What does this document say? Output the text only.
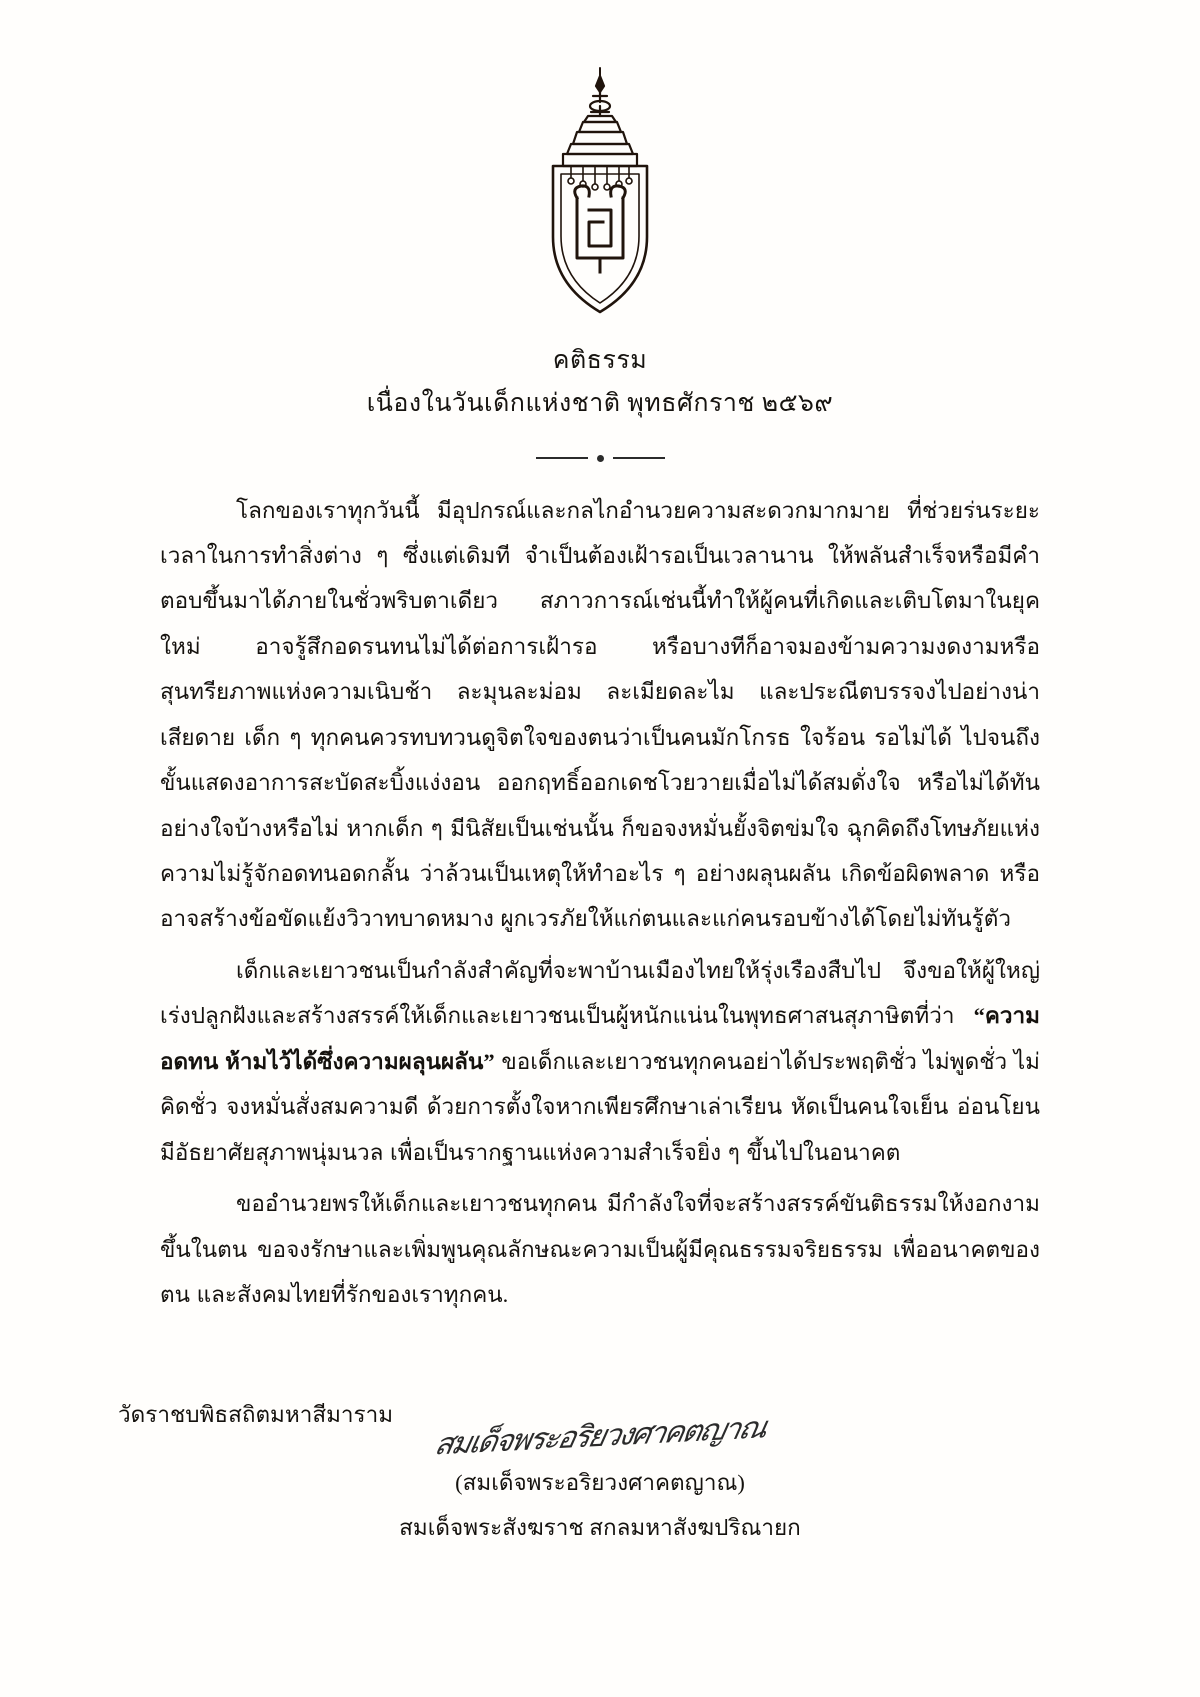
คติธรรม
เนื่องในวันเด็กแห่งชาติ พุทธศักราช ๒๕๖๙

โลกของเราทุกวันนี้ มีอุปกรณ์และกลไกอำนวยความสะดวกมากมาย ที่ช่วยร่นระยะเวลาในการทำสิ่งต่าง ๆ ซึ่งแต่เดิมที จำเป็นต้องเฝ้ารอเป็นเวลานาน ให้พลันสำเร็จหรือมีคำตอบขึ้นมาได้ภายในชั่วพริบตาเดียว สภาวการณ์เช่นนี้ทำให้ผู้คนที่เกิดและเติบโตมาในยุคใหม่ อาจรู้สึกอดรนทนไม่ได้ต่อการเฝ้ารอ หรือบางทีก็อาจมองข้ามความงดงามหรือสุนทรียภาพแห่งความเนิบช้า ละมุนละม่อม ละเมียดละไม และประณีตบรรจงไปอย่างน่าเสียดาย เด็ก ๆ ทุกคนควรทบทวนดูจิตใจของตนว่าเป็นคนมักโกรธ ใจร้อน รอไม่ได้ ไปจนถึงขั้นแสดงอาการสะบัดสะบิ้งแง่งอน ออกฤทธิ์ออกเดชโวยวายเมื่อไม่ได้สมดั่งใจ หรือไม่ได้ทันอย่างใจบ้างหรือไม่ หากเด็ก ๆ มีนิสัยเป็นเช่นนั้น ก็ขอจงหมั่นยั้งจิตข่มใจ ฉุกคิดถึงโทษภัยแห่งความไม่รู้จักอดทนอดกลั้น ว่าล้วนเป็นเหตุให้ทำอะไร ๆ อย่างผลุนผลัน เกิดข้อผิดพลาด หรืออาจสร้างข้อขัดแย้งวิวาทบาดหมาง ผูกเวรภัยให้แก่ตนและแก่คนรอบข้างได้โดยไม่ทันรู้ตัว

เด็กและเยาวชนเป็นกำลังสำคัญที่จะพาบ้านเมืองไทยให้รุ่งเรืองสืบไป จึงขอให้ผู้ใหญ่เร่งปลูกฝังและสร้างสรรค์ให้เด็กและเยาวชนเป็นผู้หนักแน่นในพุทธศาสนสุภาษิตที่ว่า “ความอดทน ห้ามไว้ได้ซึ่งความผลุนผลัน” ขอเด็กและเยาวชนทุกคนอย่าได้ประพฤติชั่ว ไม่พูดชั่ว ไม่คิดชั่ว จงหมั่นสั่งสมความดี ด้วยการตั้งใจหากเพียรศึกษาเล่าเรียน หัดเป็นคนใจเย็น อ่อนโยน มีอัธยาศัยสุภาพนุ่มนวล เพื่อเป็นรากฐานแห่งความสำเร็จยิ่ง ๆ ขึ้นไปในอนาคต

ขออำนวยพรให้เด็กและเยาวชนทุกคน มีกำลังใจที่จะสร้างสรรค์ขันติธรรมให้งอกงามขึ้นในตน ขอจงรักษาและเพิ่มพูนคุณลักษณะความเป็นผู้มีคุณธรรมจริยธรรม เพื่ออนาคตของตน และสังคมไทยที่รักของเราทุกคน.

สมเด็จพระอริยวงศาคตญาณ
(สมเด็จพระอริยวงศาคตญาณ)
สมเด็จพระสังฆราช สกลมหาสังฆปริณายก
วัดราชบพิธสถิตมหาสีมาราม
